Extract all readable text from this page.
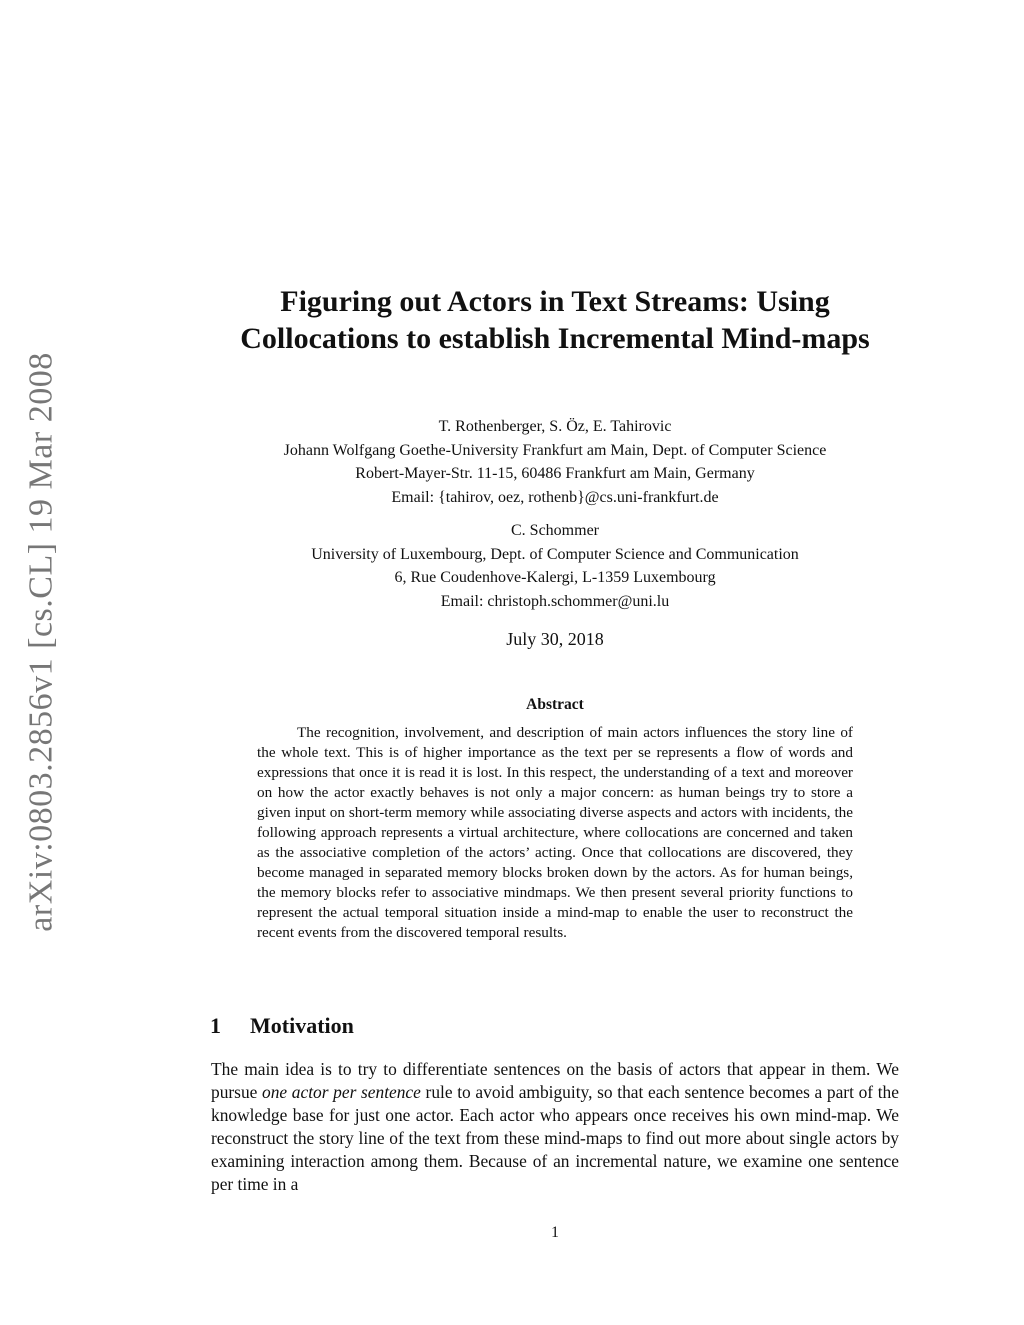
arXiv:0803.2856v1 [cs.CL] 19 Mar 2008
Figuring out Actors in Text Streams: Using Collocations to establish Incremental Mind-maps
T. Rothenberger, S. Öz, E. Tahirovic
Johann Wolfgang Goethe-University Frankfurt am Main, Dept. of Computer Science
Robert-Mayer-Str. 11-15, 60486 Frankfurt am Main, Germany
Email: {tahirov, oez, rothenb}@cs.uni-frankfurt.de
C. Schommer
University of Luxembourg, Dept. of Computer Science and Communication
6, Rue Coudenhove-Kalergi, L-1359 Luxembourg
Email: christoph.schommer@uni.lu
July 30, 2018
Abstract

The recognition, involvement, and description of main actors influences the story line of the whole text. This is of higher importance as the text per se represents a flow of words and expressions that once it is read it is lost. In this respect, the understanding of a text and moreover on how the actor exactly behaves is not only a major concern: as human beings try to store a given input on short-term memory while associating diverse aspects and actors with incidents, the following approach represents a virtual architecture, where collocations are concerned and taken as the associative completion of the actors’ acting. Once that collocations are discovered, they become managed in separated memory blocks broken down by the actors. As for human beings, the memory blocks refer to associative mindmaps. We then present several priority functions to represent the actual temporal situation inside a mind-map to enable the user to reconstruct the recent events from the discovered temporal results.

1 Motivation

The main idea is to try to differentiate sentences on the basis of actors that appear in them. We pursue one actor per sentence rule to avoid ambiguity, so that each sentence becomes a part of the knowledge base for just one actor. Each actor who appears once receives his own mind-map. We reconstruct the story line of the text from these mind-maps to find out more about single actors by examining interaction among them. Because of an incremental nature, we examine one sentence per time in a

1
